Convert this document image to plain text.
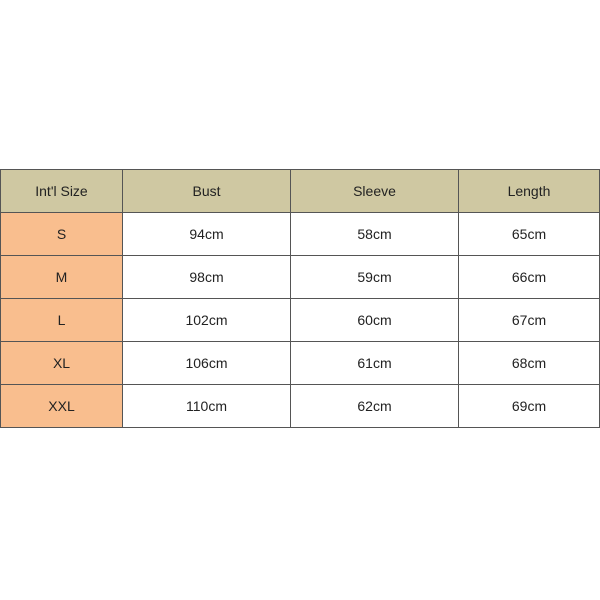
Int'l Size	Bust	Sleeve	Length
S	94cm	58cm	65cm
M	98cm	59cm	66cm
L	102cm	60cm	67cm
XL	106cm	61cm	68cm
XXL	110cm	62cm	69cm
